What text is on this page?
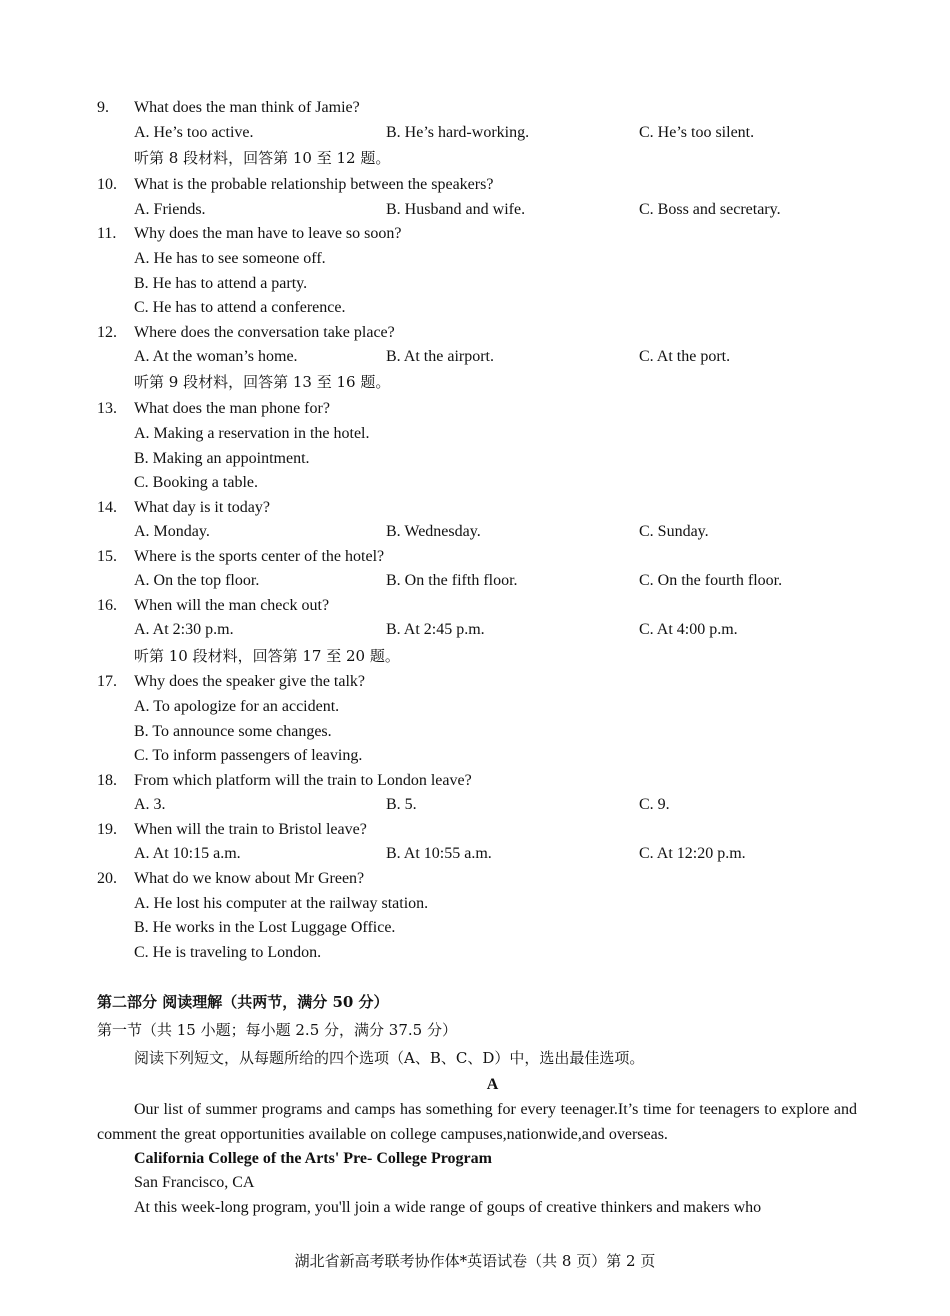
9. What does the man think of Jamie?
A. He’s too active.	B. He’s hard-working.	C. He’s too silent.
听第 8 段材料，回答第 10 至 12 题。
10. What is the probable relationship between the speakers?
A. Friends.	B. Husband and wife.	C. Boss and secretary.
11. Why does the man have to leave so soon?
A. He has to see someone off.
B. He has to attend a party.
C. He has to attend a conference.
12. Where does the conversation take place?
A. At the woman’s home.	B. At the airport.	C. At the port.
听第 9 段材料，回答第 13 至 16 题。
13. What does the man phone for?
A. Making a reservation in the hotel.
B. Making an appointment.
C. Booking a table.
14. What day is it today?
A. Monday.	B. Wednesday.	C. Sunday.
15. Where is the sports center of the hotel?
A. On the top floor.	B. On the fifth floor.	C. On the fourth floor.
16. When will the man check out?
A. At 2:30 p.m.	B. At 2:45 p.m.	C. At 4:00 p.m.
听第 10 段材料，回答第 17 至 20 题。
17. Why does the speaker give the talk?
A. To apologize for an accident.
B. To announce some changes.
C. To inform passengers of leaving.
18. From which platform will the train to London leave?
A. 3.	B. 5.	C. 9.
19. When will the train to Bristol leave?
A. At 10:15 a.m.	B. At 10:55 a.m.	C. At 12:20 p.m.
20. What do we know about Mr Green?
A. He lost his computer at the railway station.
B. He works in the Lost Luggage Office.
C. He is traveling to London.
第二部分 阅读理解（共两节，满分 50 分）
第一节（共 15 小题；每小题 2.5 分，满分 37.5 分）
阅读下列短文，从每题所给的四个选项（A、B、C、D）中，选出最佳选项。
A
Our list of summer programs and camps has something for every teenager.It’s time for teenagers to explore and comment the great opportunities available on college campuses,nationwide,and overseas.
California College of the Arts' Pre- College Program
San Francisco, CA
At this week-long program, you'll join a wide range of goups of creative thinkers and makers who
湖北省新高考联考协作体*英语试卷（共 8 页）第 2 页
